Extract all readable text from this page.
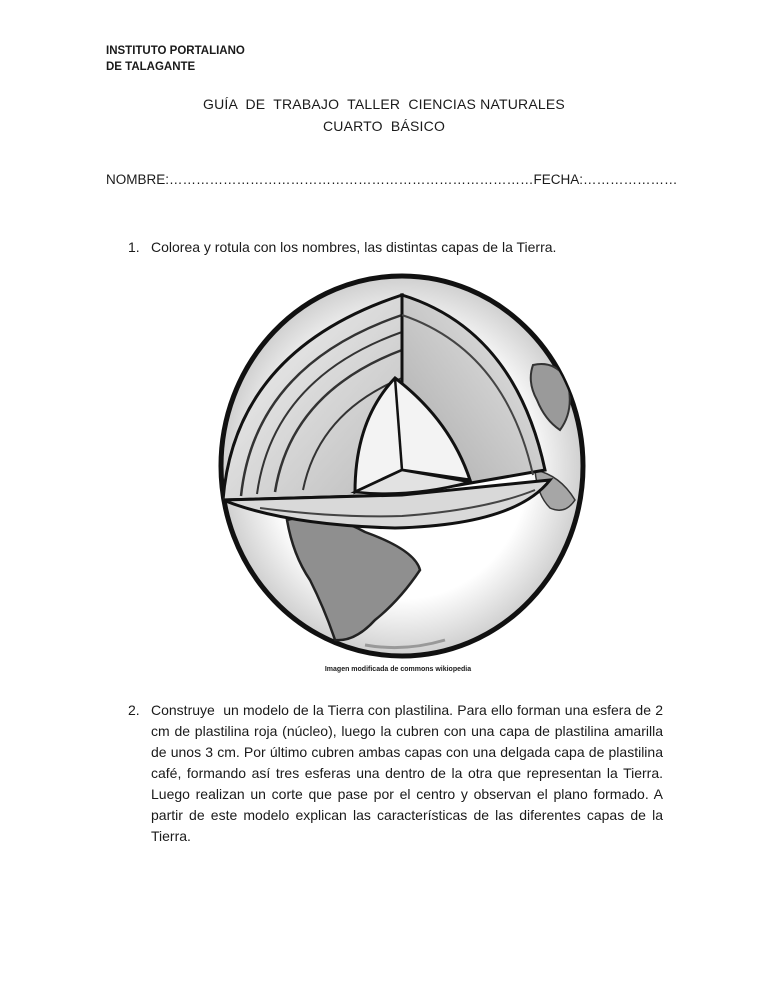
INSTITUTO PORTALIANO
DE TALAGANTE
GUÍA  DE  TRABAJO  TALLER  CIENCIAS NATURALES
CUARTO  BÁSICO
NOMBRE:………………………………………………………………………FECHA:…………………
1. Colorea y rotula con los nombres, las distintas capas de la Tierra.
Imagen modificada de commons wikiopedia
2. Construye  un modelo de la Tierra con plastilina. Para ello forman una esfera de 2 cm de plastilina roja (núcleo), luego la cubren con una capa de plastilina amarilla de unos 3 cm. Por último cubren ambas capas con una delgada capa de plastilina café, formando así tres esferas una dentro de la otra que representan la Tierra. Luego realizan un corte que pase por el centro y observan el plano formado. A partir de este modelo explican las características de las diferentes capas de la Tierra.
